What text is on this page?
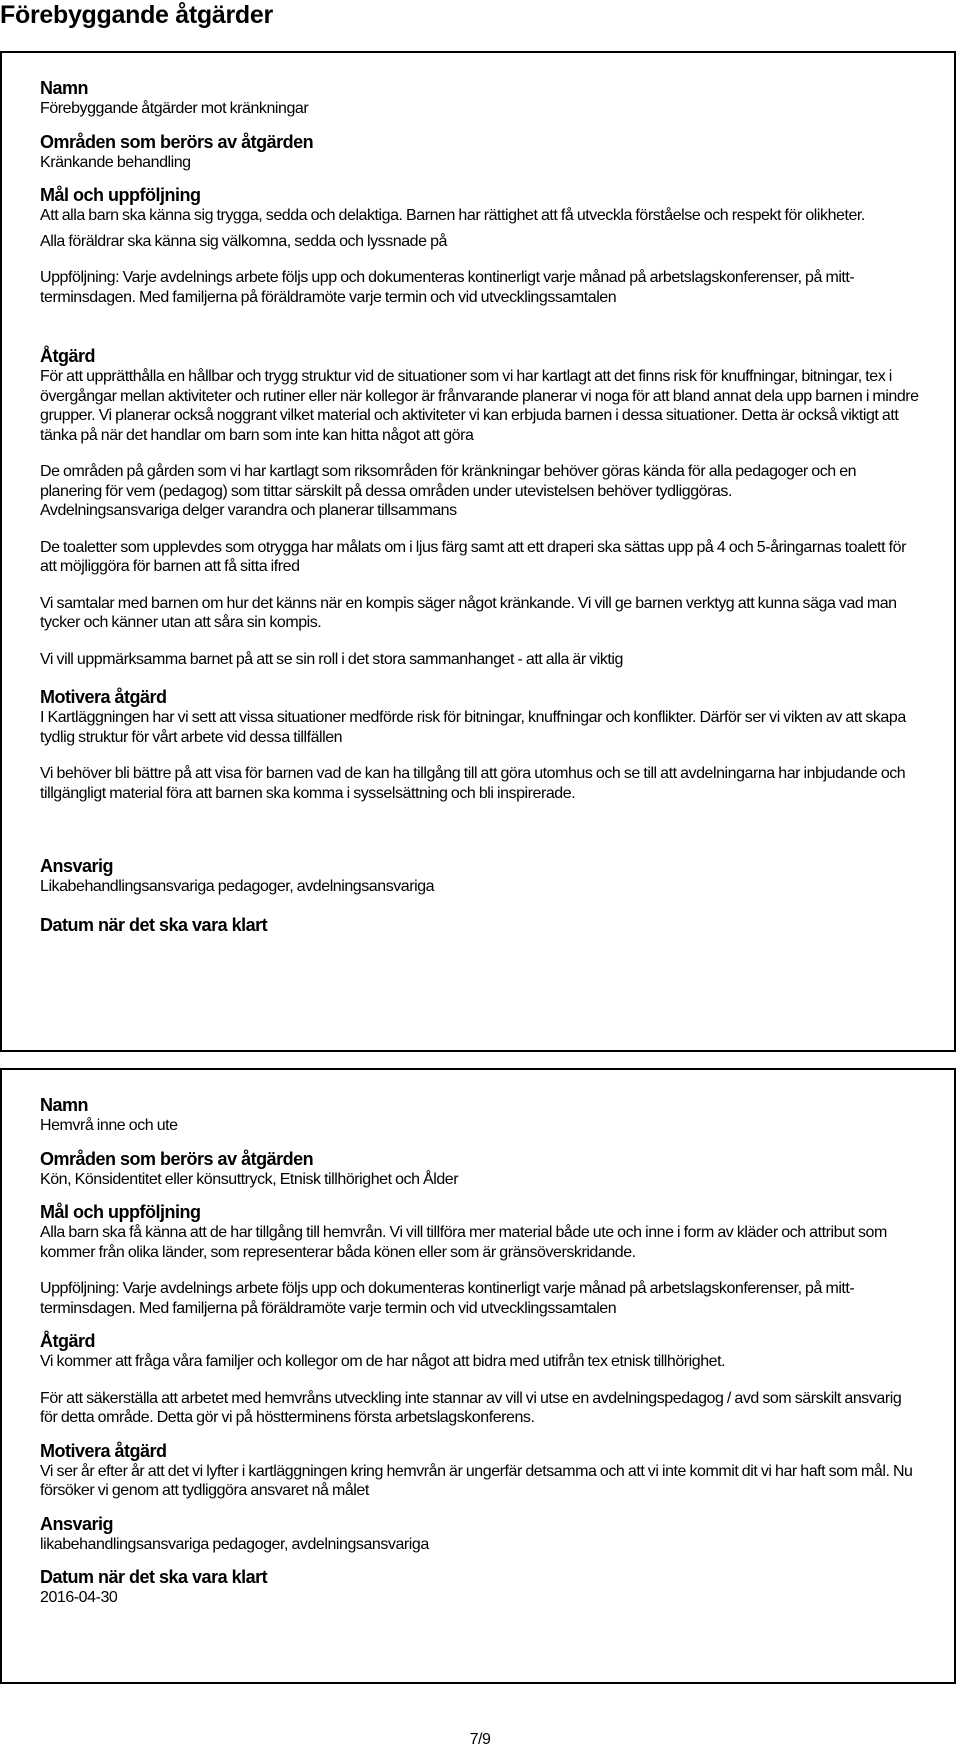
Förebyggande åtgärder

Namn

Förebyggande åtgärder mot kränkningar

Områden som berörs av åtgärden

Kränkande behandling

Mål och uppföljning

Att alla barn ska känna sig trygga, sedda och delaktiga. Barnen har rättighet att få utveckla förståelse och respekt för olikheter.

Alla föräldrar ska känna sig välkomna, sedda och lyssnade på

Uppföljning: Varje avdelnings arbete följs upp och dokumenteras kontinerligt varje månad på arbetslagskonferenser, på mitt-terminsdagen. Med familjerna på föräldramöte varje termin och vid utvecklingssamtalen

Åtgärd

För att upprätthålla en hållbar och trygg struktur vid de situationer som vi har kartlagt att det finns risk för knuffningar, bitningar, tex i övergångar mellan aktiviteter och rutiner eller när kollegor är frånvarande planerar vi noga för att bland annat dela upp barnen i mindre grupper. Vi planerar också noggrant vilket material och aktiviteter vi kan erbjuda barnen i dessa situationer. Detta är också viktigt att tänka på när det handlar om barn som inte kan hitta något att göra

De områden på gården som vi har kartlagt som riksområden för kränkningar behöver göras kända för alla pedagoger och en planering för vem (pedagog) som tittar särskilt på dessa områden under utevistelsen behöver tydliggöras.

Avdelningsansvariga delger varandra och planerar tillsammans

De toaletter som upplevdes som otrygga har målats om i ljus färg samt att ett draperi ska sättas upp på 4 och 5-åringarnas toalett för att möjliggöra för barnen att få sitta ifred

Vi samtalar med barnen om hur det känns när en kompis säger något kränkande. Vi vill ge barnen verktyg att kunna säga vad man tycker och känner utan att såra sin kompis.

Vi vill uppmärksamma barnet på att se sin roll i det stora sammanhanget - att alla är viktig

Motivera åtgärd

I Kartläggningen har vi sett att vissa situationer medförde risk för bitningar, knuffningar och konflikter. Därför ser vi vikten av att skapa tydlig struktur för vårt arbete vid dessa tillfällen

Vi behöver bli bättre på att visa för barnen vad de kan ha tillgång till att göra utomhus och se till att avdelningarna har inbjudande och tillgängligt material föra att barnen ska komma i sysselsättning och bli inspirerade.

Ansvarig

Likabehandlingsansvariga pedagoger, avdelningsansvariga

Datum när det ska vara klart

Namn

Hemvrå inne och ute

Områden som berörs av åtgärden

Kön, Könsidentitet eller könsuttryck, Etnisk tillhörighet och Ålder

Mål och uppföljning

Alla barn ska få känna att de har tillgång till hemvrån. Vi vill tillföra mer material både ute och inne i form av kläder och attribut som kommer från olika länder, som representerar båda könen eller som är gränsöverskridande.

Uppföljning: Varje avdelnings arbete följs upp och dokumenteras kontinerligt varje månad på arbetslagskonferenser, på mitt-terminsdagen. Med familjerna på föräldramöte varje termin och vid utvecklingssamtalen

Åtgärd

Vi kommer att fråga våra familjer och kollegor om de har något att bidra med utifrån tex etnisk tillhörighet.

För att säkerställa att arbetet med hemvråns utveckling inte stannar av vill vi utse en avdelningspedagog / avd som särskilt ansvarig för detta område. Detta gör vi på höstterminens första arbetslagskonferens.

Motivera åtgärd

Vi ser år efter år att det vi lyfter i kartläggningen kring hemvrån är ungerfär detsamma och att vi inte kommit dit vi har haft som mål. Nu försöker vi genom att tydliggöra ansvaret nå målet

Ansvarig

likabehandlingsansvariga pedagoger, avdelningsansvariga

Datum när det ska vara klart

2016-04-30

7/9
